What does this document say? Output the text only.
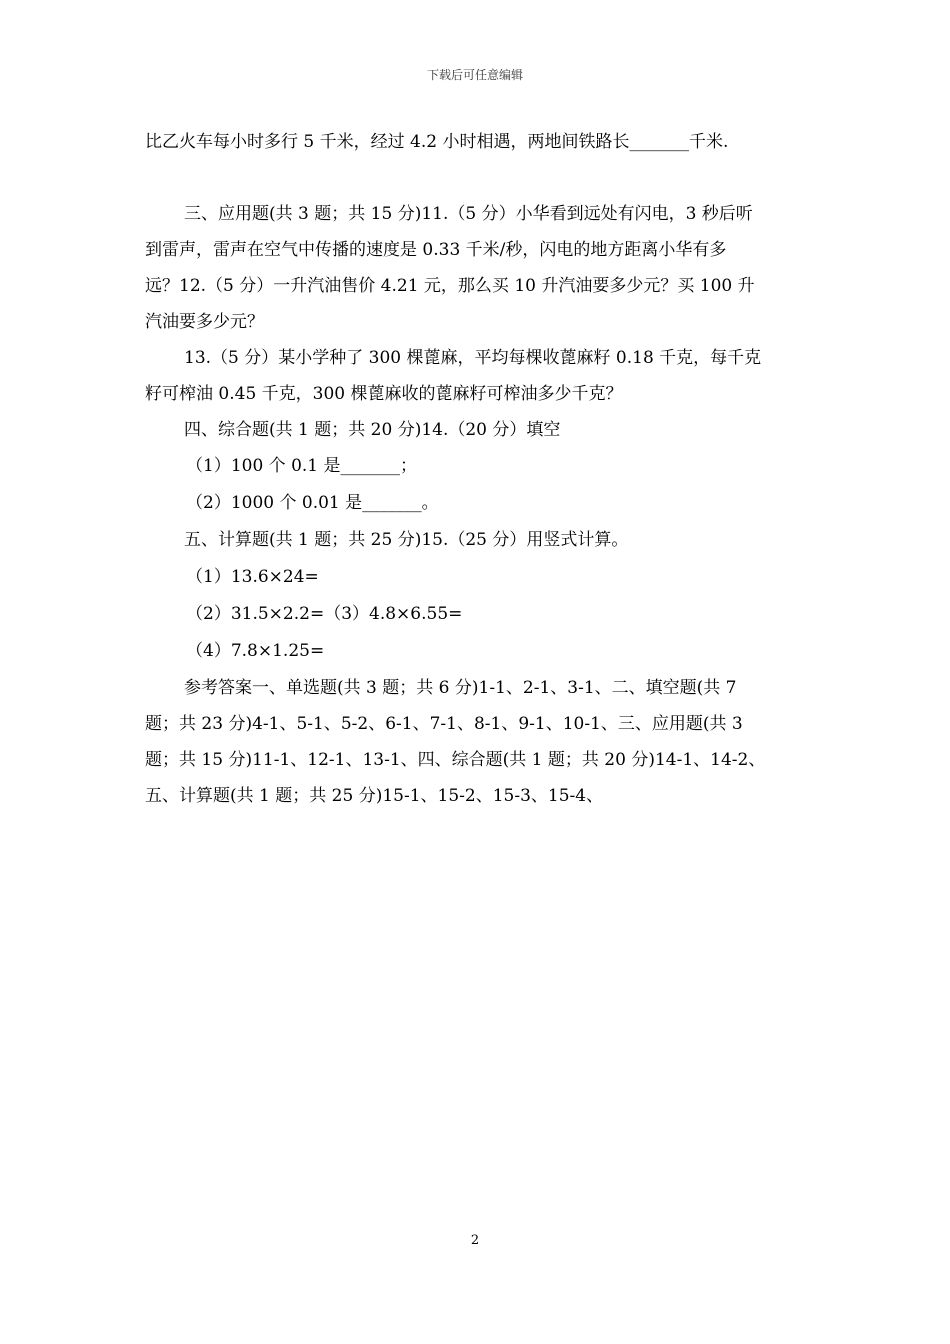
下载后可任意编辑
比乙火车每小时多行 5 千米，经过 4.2 小时相遇，两地间铁路长_______千米.
三、应用题(共 3 题；共 15 分)11.（5 分）小华看到远处有闪电，3 秒后听
到雷声，雷声在空气中传播的速度是 0.33 千米/秒，闪电的地方距离小华有多
远？12.（5 分）一升汽油售价 4.21 元，那么买 10 升汽油要多少元？买 100 升
汽油要多少元？
13.（5 分）某小学种了 300 棵蓖麻，平均每棵收蓖麻籽 0.18 千克，每千克
籽可榨油 0.45 千克，300 棵蓖麻收的蓖麻籽可榨油多少千克？
四、综合题(共 1 题；共 20 分)14.（20 分）填空
（1）100 个 0.1 是_______；
（2）1000 个 0.01 是_______。
五、计算题(共 1 题；共 25 分)15.（25 分）用竖式计算。
（1）13.6×24=
（2）31.5×2.2=（3）4.8×6.55=
（4）7.8×1.25=
参考答案一、单选题(共 3 题；共 6 分)1-1、2-1、3-1、二、填空题(共 7
题；共 23 分)4-1、5-1、5-2、6-1、7-1、8-1、9-1、10-1、三、应用题(共 3
题；共 15 分)11-1、12-1、13-1、四、综合题(共 1 题；共 20 分)14-1、14-2、
五、计算题(共 1 题；共 25 分)15-1、15-2、15-3、15-4、
2
